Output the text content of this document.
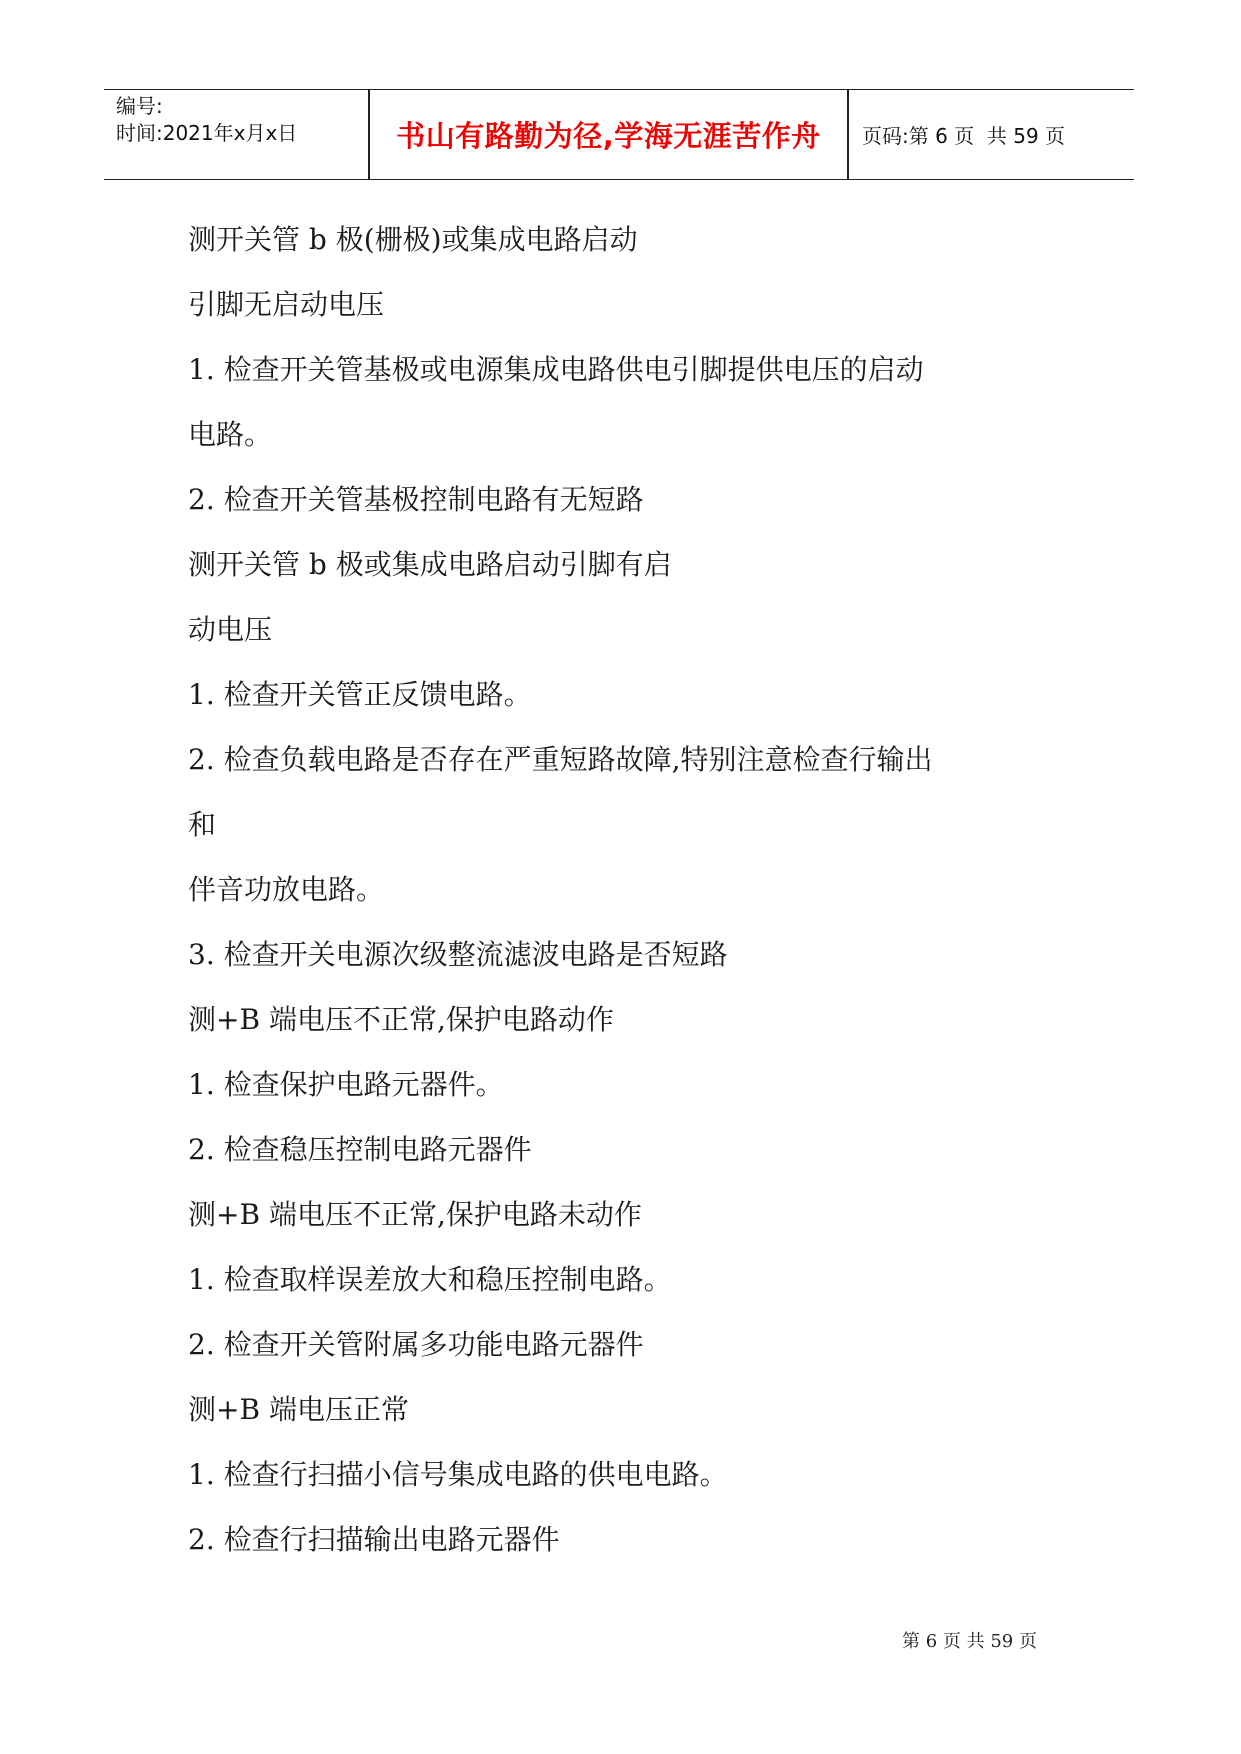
编号:
时间:2021年x月x日	书山有路勤为径,学海无涯苦作舟	页码:第 6 页  共 59 页
测开关管 b 极(栅极)或集成电路启动
引脚无启动电压
1. 检查开关管基极或电源集成电路供电引脚提供电压的启动
电路。
2. 检查开关管基极控制电路有无短路
测开关管 b 极或集成电路启动引脚有启
动电压
1. 检查开关管正反馈电路。
2. 检查负载电路是否存在严重短路故障,特别注意检查行输出
和
伴音功放电路。
3. 检查开关电源次级整流滤波电路是否短路
测+B 端电压不正常,保护电路动作
1. 检查保护电路元器件。
2. 检查稳压控制电路元器件
测+B 端电压不正常,保护电路未动作
1. 检查取样误差放大和稳压控制电路。
2. 检查开关管附属多功能电路元器件
测+B 端电压正常
1. 检查行扫描小信号集成电路的供电电路。
2. 检查行扫描输出电路元器件
第 6 页 共 59 页
